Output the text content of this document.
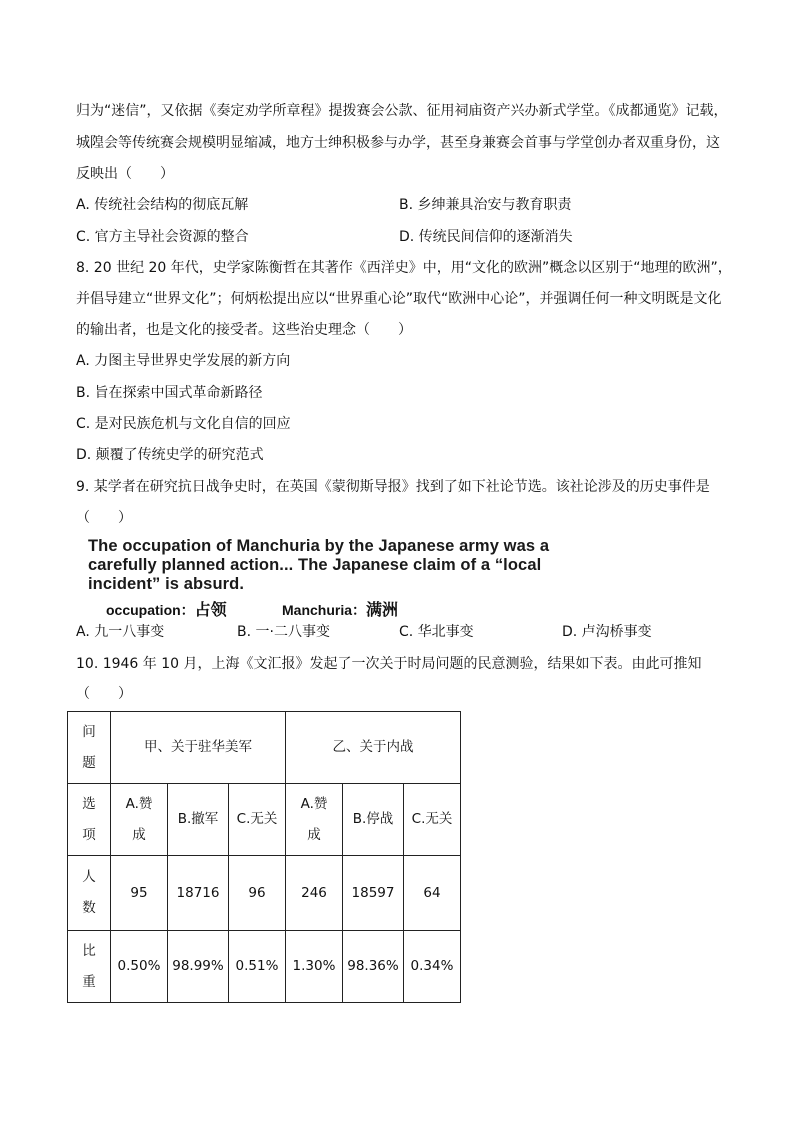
归为“迷信”，又依据《奏定劝学所章程》提拨赛会公款、征用祠庙资产兴办新式学堂。《成都通览》记载，
城隍会等传统赛会规模明显缩减，地方士绅积极参与办学，甚至身兼赛会首事与学堂创办者双重身份，这
反映出（　　）
A. 传统社会结构的彻底瓦解	B. 乡绅兼具治安与教育职责
C. 官方主导社会资源的整合	D. 传统民间信仰的逐渐消失
8. 20 世纪 20 年代，史学家陈衡哲在其著作《西洋史》中，用“文化的欧洲”概念以区别于“地理的欧洲”，
并倡导建立“世界文化”；何炳松提出应以“世界重心论”取代“欧洲中心论”，并强调任何一种文明既是文化
的输出者，也是文化的接受者。这些治史理念（　　）
A. 力图主导世界史学发展的新方向
B. 旨在探索中国式革命新路径
C. 是对民族危机与文化自信的回应
D. 颠覆了传统史学的研究范式
9. 某学者在研究抗日战争史时，在英国《蒙彻斯导报》找到了如下社论节选。该社论涉及的历史事件是
（　　）
The occupation of Manchuria by the Japanese army was a
carefully planned action... The Japanese claim of a “local
incident” is absurd.
occupation：占领	Manchuria：满洲
A. 九一八事变	B. 一·二八事变	C. 华北事变	D. 卢沟桥事变
10. 1946 年 10 月，上海《文汇报》发起了一次关于时局问题的民意测验，结果如下表。由此可推知
（　　）
问题	甲、关于驻华美军			乙、关于内战		
选项	A.赞成	B.撤军	C.无关	A.赞成	B.停战	C.无关
人数	95	18716	96	246	18597	64
比重	0.50%	98.99%	0.51%	1.30%	98.36%	0.34%
